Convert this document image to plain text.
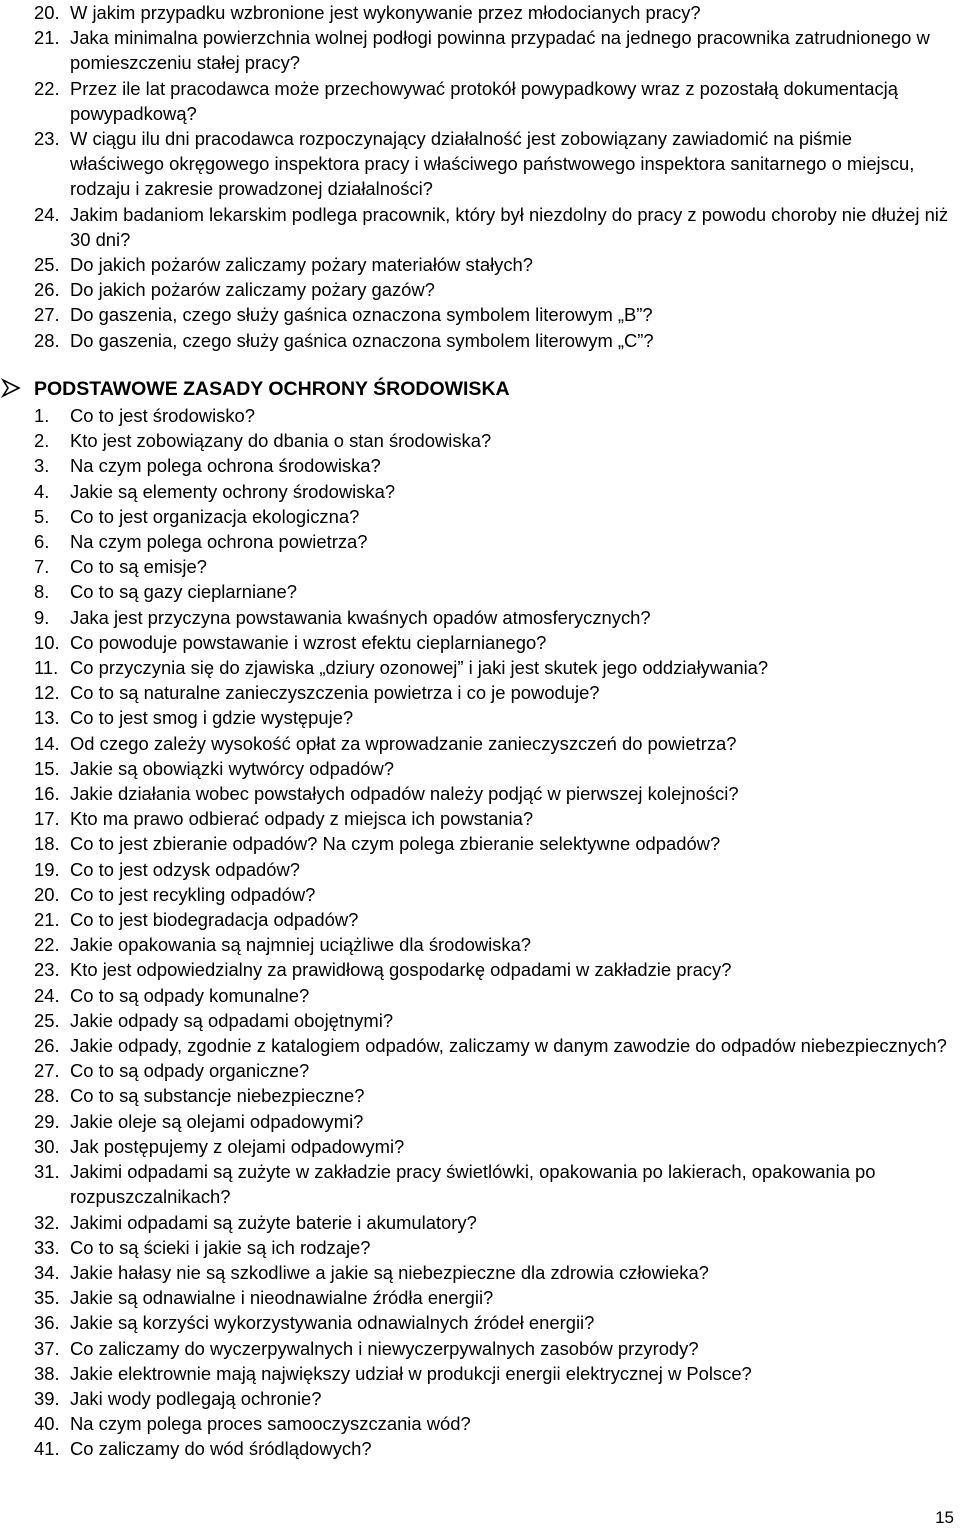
20. W jakim przypadku wzbronione jest wykonywanie przez młodocianych pracy?
21. Jaka minimalna powierzchnia wolnej podłogi powinna przypadać na jednego pracownika zatrudnionego w pomieszczeniu stałej pracy?
22. Przez ile lat pracodawca może przechowywać protokół powypadkowy wraz z pozostałą dokumentacją powypadkową?
23. W ciągu ilu dni pracodawca rozpoczynający działalność jest zobowiązany zawiadomić na piśmie właściwego okręgowego inspektora pracy i właściwego państwowego inspektora sanitarnego o miejscu, rodzaju i zakresie prowadzonej działalności?
24. Jakim badaniom lekarskim podlega pracownik, który był niezdolny do pracy z powodu choroby nie dłużej niż 30 dni?
25. Do jakich pożarów zaliczamy pożary materiałów stałych?
26. Do jakich pożarów zaliczamy pożary gazów?
27. Do gaszenia, czego służy gaśnica oznaczona symbolem literowym „B”?
28. Do gaszenia, czego służy gaśnica oznaczona symbolem literowym „C”?
PODSTAWOWE ZASADY OCHRONY ŚRODOWISKA
1. Co to jest środowisko?
2. Kto jest zobowiązany do dbania o stan środowiska?
3. Na czym polega ochrona środowiska?
4. Jakie są elementy ochrony środowiska?
5. Co to jest organizacja ekologiczna?
6. Na czym polega ochrona powietrza?
7. Co to są emisje?
8. Co to są gazy cieplarniane?
9. Jaka jest przyczyna powstawania kwaśnych opadów atmosferycznych?
10. Co powoduje powstawanie i wzrost efektu cieplarnianego?
11. Co przyczynia się do zjawiska „dziury ozonowej” i jaki jest skutek jego oddziaływania?
12. Co to są naturalne zanieczyszczenia powietrza i co je powoduje?
13. Co to jest smog i gdzie występuje?
14. Od czego zależy wysokość opłat za wprowadzanie zanieczyszczeń do powietrza?
15. Jakie są obowiązki wytwórcy odpadów?
16. Jakie działania wobec powstałych odpadów należy podjąć w pierwszej kolejności?
17. Kto ma prawo odbierać odpady z miejsca ich powstania?
18. Co to jest zbieranie odpadów? Na czym polega zbieranie selektywne odpadów?
19. Co to jest odzysk odpadów?
20. Co to jest recykling odpadów?
21. Co to jest biodegradacja odpadów?
22. Jakie opakowania są najmniej uciążliwe dla środowiska?
23. Kto jest odpowiedzialny za prawidłową gospodarkę odpadami w zakładzie pracy?
24. Co to są odpady komunalne?
25. Jakie odpady są odpadami obojętnymi?
26. Jakie odpady, zgodnie z katalogiem odpadów, zaliczamy w danym zawodzie do odpadów niebezpiecznych?
27. Co to są odpady organiczne?
28. Co to są substancje niebezpieczne?
29. Jakie oleje są olejami odpadowymi?
30. Jak postępujemy z olejami odpadowymi?
31. Jakimi odpadami są zużyte w zakładzie pracy świetlówki, opakowania po lakierach, opakowania po rozpuszczalnikach?
32. Jakimi odpadami są zużyte baterie i akumulatory?
33. Co to są ścieki i jakie są ich rodzaje?
34. Jakie hałasy nie są szkodliwe a jakie są niebezpieczne dla zdrowia człowieka?
35. Jakie są odnawialne i nieodnawialne źródła energii?
36. Jakie są korzyści wykorzystywania odnawialnych źródeł energii?
37. Co zaliczamy do wyczerpywalnych i niewyczerpywalnych zasobów przyrody?
38. Jakie elektrownie mają największy udział w produkcji energii elektrycznej w Polsce?
39. Jaki wody podlegają ochronie?
40. Na czym polega proces samooczyszczania wód?
41. Co zaliczamy do wód śródlądowych?
15
